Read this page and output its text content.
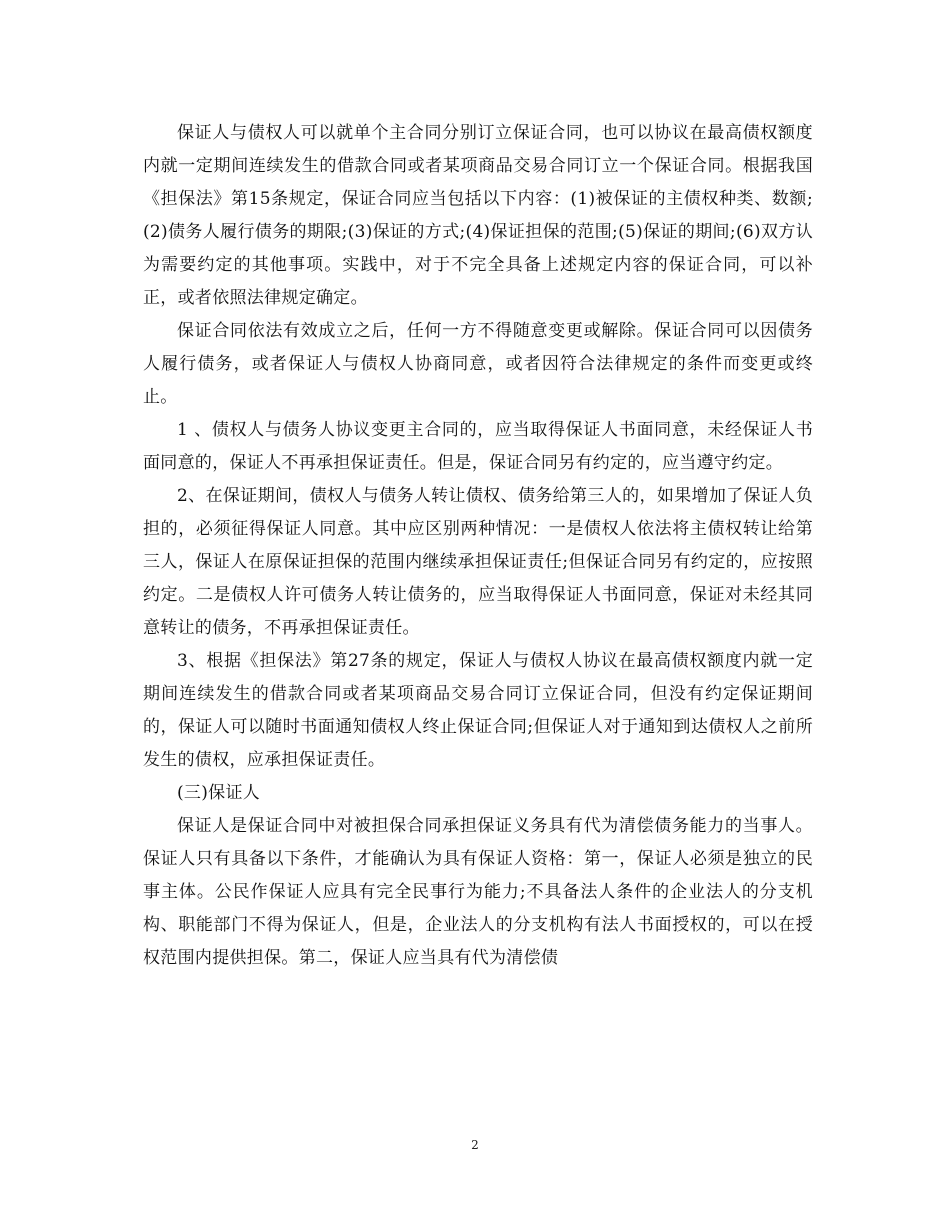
保证人与债权人可以就单个主合同分别订立保证合同，也可以协议在最高债权额度内就一定期间连续发生的借款合同或者某项商品交易合同订立一个保证合同。根据我国《担保法》第15条规定，保证合同应当包括以下内容：(1)被保证的主债权种类、数额;(2)债务人履行债务的期限;(3)保证的方式;(4)保证担保的范围;(5)保证的期间;(6)双方认为需要约定的其他事项。实践中，对于不完全具备上述规定内容的保证合同，可以补正，或者依照法律规定确定。

保证合同依法有效成立之后，任何一方不得随意变更或解除。保证合同可以因债务人履行债务，或者保证人与债权人协商同意，或者因符合法律规定的条件而变更或终止。

1 、债权人与债务人协议变更主合同的，应当取得保证人书面同意，未经保证人书面同意的，保证人不再承担保证责任。但是，保证合同另有约定的，应当遵守约定。

2、在保证期间，债权人与债务人转让债权、债务给第三人的，如果增加了保证人负担的，必须征得保证人同意。其中应区别两种情况：一是债权人依法将主债权转让给第三人，保证人在原保证担保的范围内继续承担保证责任;但保证合同另有约定的，应按照约定。二是债权人许可债务人转让债务的，应当取得保证人书面同意，保证对未经其同意转让的债务，不再承担保证责任。

3、根据《担保法》第27条的规定，保证人与债权人协议在最高债权额度内就一定期间连续发生的借款合同或者某项商品交易合同订立保证合同，但没有约定保证期间的，保证人可以随时书面通知债权人终止保证合同;但保证人对于通知到达债权人之前所发生的债权，应承担保证责任。

(三)保证人

保证人是保证合同中对被担保合同承担保证义务具有代为清偿债务能力的当事人。保证人只有具备以下条件，才能确认为具有保证人资格：第一，保证人必须是独立的民事主体。公民作保证人应具有完全民事行为能力;不具备法人条件的企业法人的分支机构、职能部门不得为保证人，但是，企业法人的分支机构有法人书面授权的，可以在授权范围内提供担保。第二，保证人应当具有代为清偿债

2
